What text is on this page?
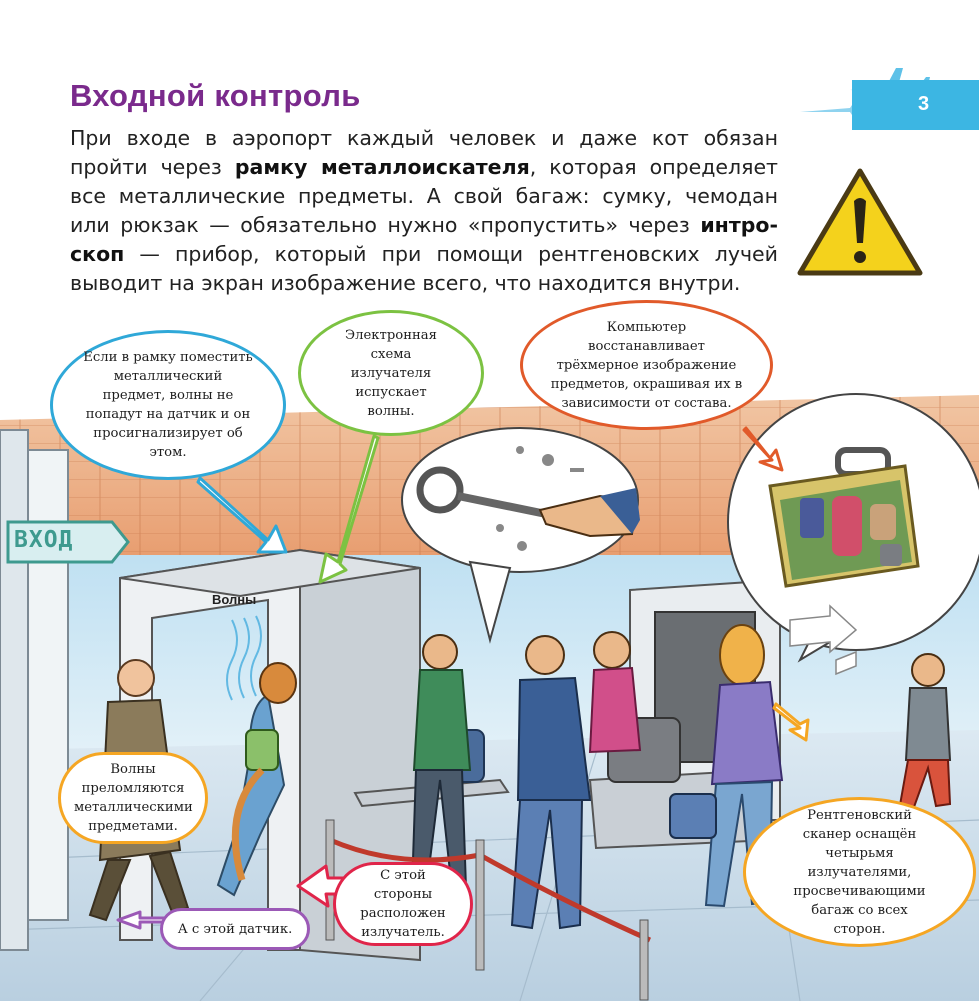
3
Входной контроль
При входе в аэропорт каждый человек и даже кот обязан пройти через рамку металлоискателя, которая определяет все металлические предметы. А свой багаж: сумку, чемодан или рюкзак — обязательно нужно «пропустить» через интро-скоп — прибор, который при помощи рентгеновских лучей выводит на экран изображение всего, что находится внутри.
ВХОД
Волны
Если в рамку поместить металлический предмет, волны не попадут на датчик и он просигнализирует об этом.
Электронная схема излучателя испускает волны.
Компьютер восстанавливает трёхмерное изображение предметов, окрашивая их в зависимости от состава.
Волны преломляются металлическими предметами.
Рентгеновский сканер оснащён четырьмя излучателями, просвечивающими багаж со всех сторон.
С этой стороны расположен излучатель.
А с этой датчик.
